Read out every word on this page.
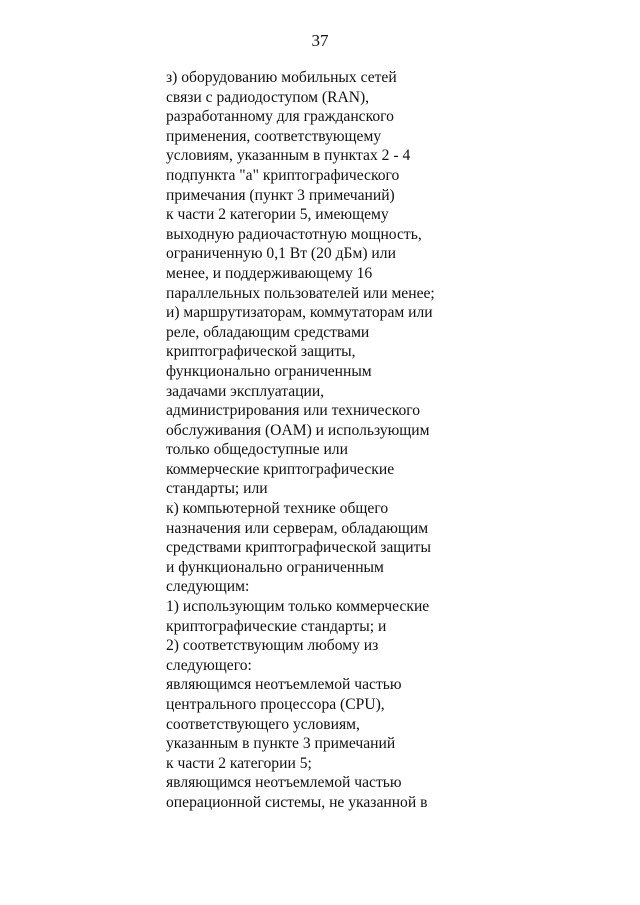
37
з) оборудованию мобильных сетей
связи с радиодоступом (RAN),
разработанному для гражданского
применения, соответствующему
условиям, указанным в пунктах 2 - 4
подпункта "а" криптографического
примечания (пункт 3 примечаний)
к части 2 категории 5, имеющему
выходную радиочастотную мощность,
ограниченную 0,1 Вт (20 дБм) или
менее, и поддерживающему 16
параллельных пользователей или менее;
и) маршрутизаторам, коммутаторам или
реле, обладающим средствами
криптографической защиты,
функционально ограниченным
задачами эксплуатации,
администрирования или технического
обслуживания (OAM) и использующим
только общедоступные или
коммерческие криптографические
стандарты; или
к) компьютерной технике общего
назначения или серверам, обладающим
средствами криптографической защиты
и функционально ограниченным
следующим:
1) использующим только коммерческие
криптографические стандарты; и
2) соответствующим любому из
следующего:
являющимся неотъемлемой частью
центрального процессора (CPU),
соответствующего условиям,
указанным в пункте 3 примечаний
к части 2 категории 5;
являющимся неотъемлемой частью
операционной системы, не указанной в
